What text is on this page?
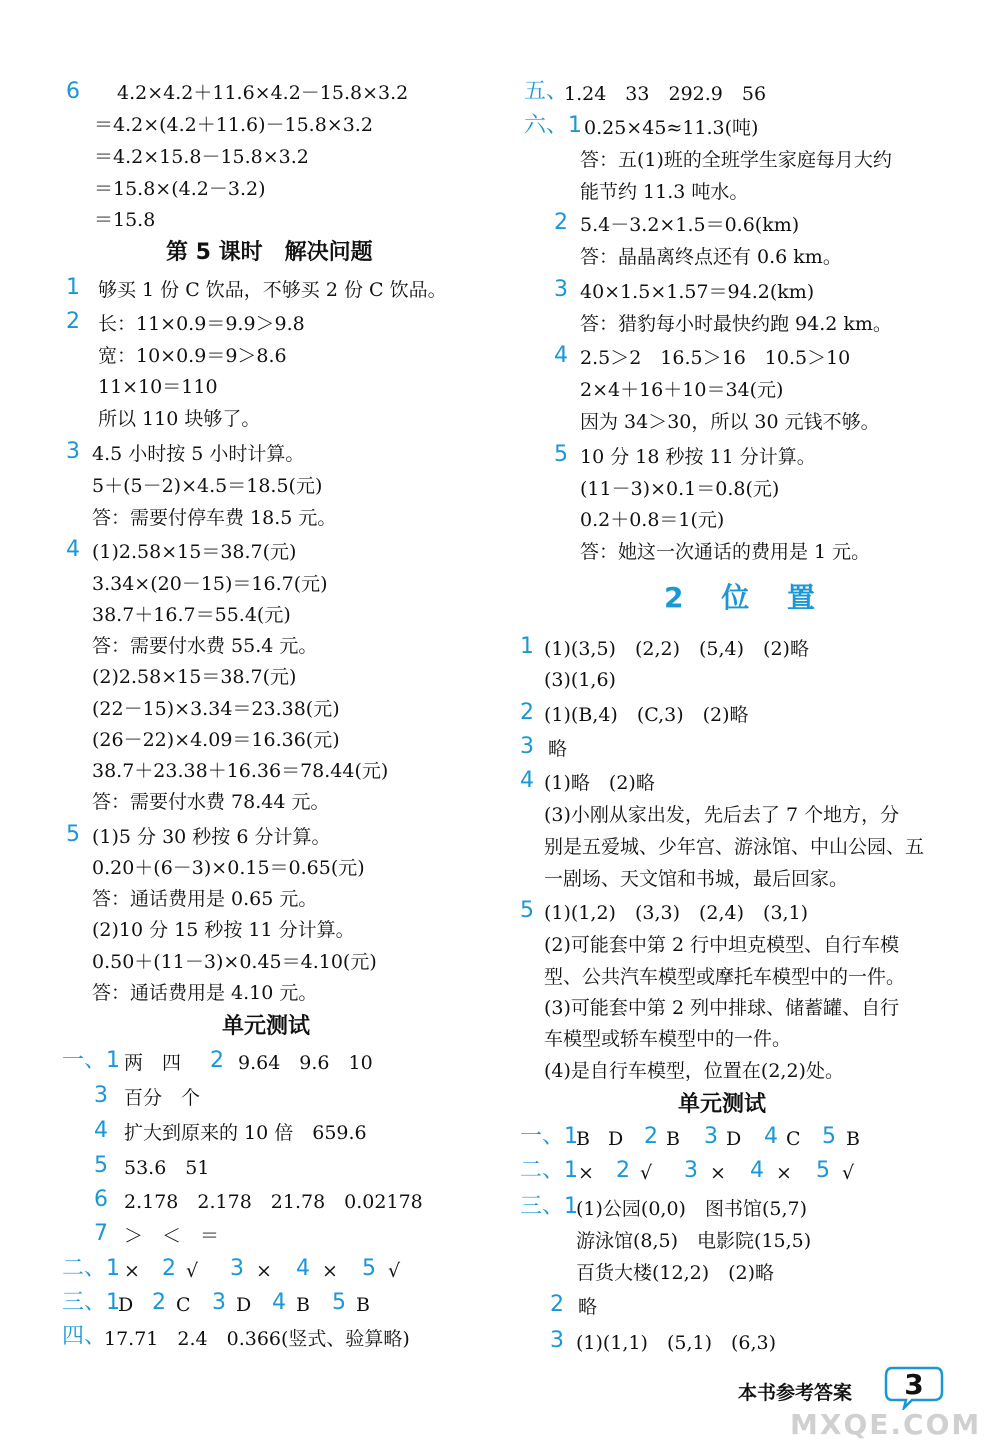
6 4.2×4.2＋11.6×4.2－15.8×3.2
＝4.2×(4.2＋11.6)－15.8×3.2
＝4.2×15.8－15.8×3.2
＝15.8×(4.2－3.2)
＝15.8
第 5 课时　解决问题
1 够买 1 份 C 饮品，不够买 2 份 C 饮品。
2 长：11×0.9＝9.9＞9.8
宽：10×0.9＝9＞8.6
11×10＝110
所以 110 块够了。
3 4.5 小时按 5 小时计算。
5＋(5－2)×4.5＝18.5(元)
答：需要付停车费 18.5 元。
4 (1)2.58×15＝38.7(元)
3.34×(20－15)＝16.7(元)
38.7＋16.7＝55.4(元)
答：需要付水费 55.4 元。
(2)2.58×15＝38.7(元)
(22－15)×3.34＝23.38(元)
(26－22)×4.09＝16.36(元)
38.7＋23.38＋16.36＝78.44(元)
答：需要付水费 78.44 元。
5 (1)5 分 30 秒按 6 分计算。
0.20＋(6－3)×0.15＝0.65(元)
答：通话费用是 0.65 元。
(2)10 分 15 秒按 11 分计算。
0.50＋(11－3)×0.45＝4.10(元)
答：通话费用是 4.10 元。
单元测试
一、1 两　四 2 9.64　9.6　10
3 百分　个
4 扩大到原来的 10 倍　659.6
5 53.6　51
6 2.178　2.178　21.78　0.02178
7 ＞　＜　＝
二、1 × 2 √ 3 × 4 × 5 √
三、1
D 2 C 3 D 4 B 5 B
四、
17.71　2.4　0.366(竖式、验算略)
五、
1.24　33　292.9　56
六、1 0.25×45≈11.3(吨)
答：五(1)班的全班学生家庭每月大约
能节约 11.3 吨水。
2 5.4－3.2×1.5＝0.6(km)
答：晶晶离终点还有 0.6 km。
3 40×1.5×1.57＝94.2(km)
答：猎豹每小时最快约跑 94.2 km。
4 2.5＞2　16.5＞16　10.5＞10
2×4＋16＋10＝34(元)
因为 34＞30，所以 30 元钱不够。
5 10 分 18 秒按 11 分计算。
(11－3)×0.1＝0.8(元)
0.2＋0.8＝1(元)
答：她这一次通话的费用是 1 元。
2 位 置
1 (1)(3,5)　(2,2)　(5,4)　(2)略
(3)(1,6)
2 (1)(B,4)　(C,3)　(2)略
3 略
4 (1)略　(2)略
(3)小刚从家出发，先后去了 7 个地方，分
别是五爱城、少年宫、游泳馆、中山公园、五
一剧场、天文馆和书城，最后回家。
5 (1)(1,2)　(3,3)　(2,4)　(3,1)
(2)可能套中第 2 行中坦克模型、自行车模
型、公共汽车模型或摩托车模型中的一件。
(3)可能套中第 2 列中排球、储蓄罐、自行
车模型或轿车模型中的一件。
(4)是自行车模型，位置在(2,2)处。
单元测试
一、1
B D 2 B 3 D 4 C 5 B
二、1 × 2 √ 3 × 4 × 5 √
三、1
(1)公园(0,0)　图书馆(5,7)
游泳馆(8,5)　电影院(15,5)
百货大楼(12,2)　(2)略
2 略
3 (1)(1,1)　(5,1)　(6,3)
本书参考答案	3
MXQE.COM
